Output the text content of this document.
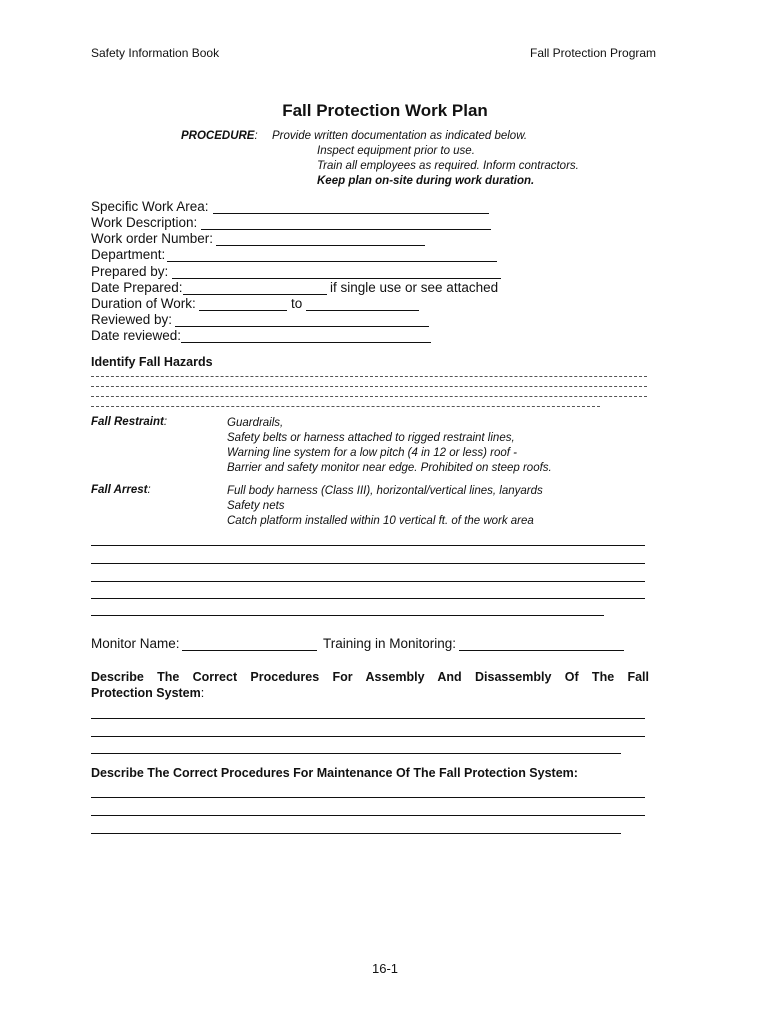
Safety Information Book	Fall Protection Program
Fall Protection Work Plan
PROCEDURE: Provide written documentation as indicated below.
Inspect equipment prior to use.
Train all employees as required. Inform contractors.
Keep plan on-site during work duration.
Specific Work Area:
Work Description:
Work order Number:
Department:
Prepared by:
Date Prepared:	if single use or see attached
Duration of Work:	to
Reviewed by:
Date reviewed:
Identify Fall Hazards
Fall Restraint:	Guardrails,
Safety belts or harness attached to rigged restraint lines,
Warning line system for a low pitch (4 in 12 or less) roof -
Barrier and safety monitor near edge. Prohibited on steep roofs.
Fall Arrest:	Full body harness (Class III), horizontal/vertical lines, lanyards
Safety nets
Catch platform installed within 10 vertical ft. of the work area
Monitor Name:	Training in Monitoring:
Describe The Correct Procedures For Assembly And Disassembly Of The Fall
Protection System:
Describe The Correct Procedures For Maintenance Of The Fall Protection System:
16-1
